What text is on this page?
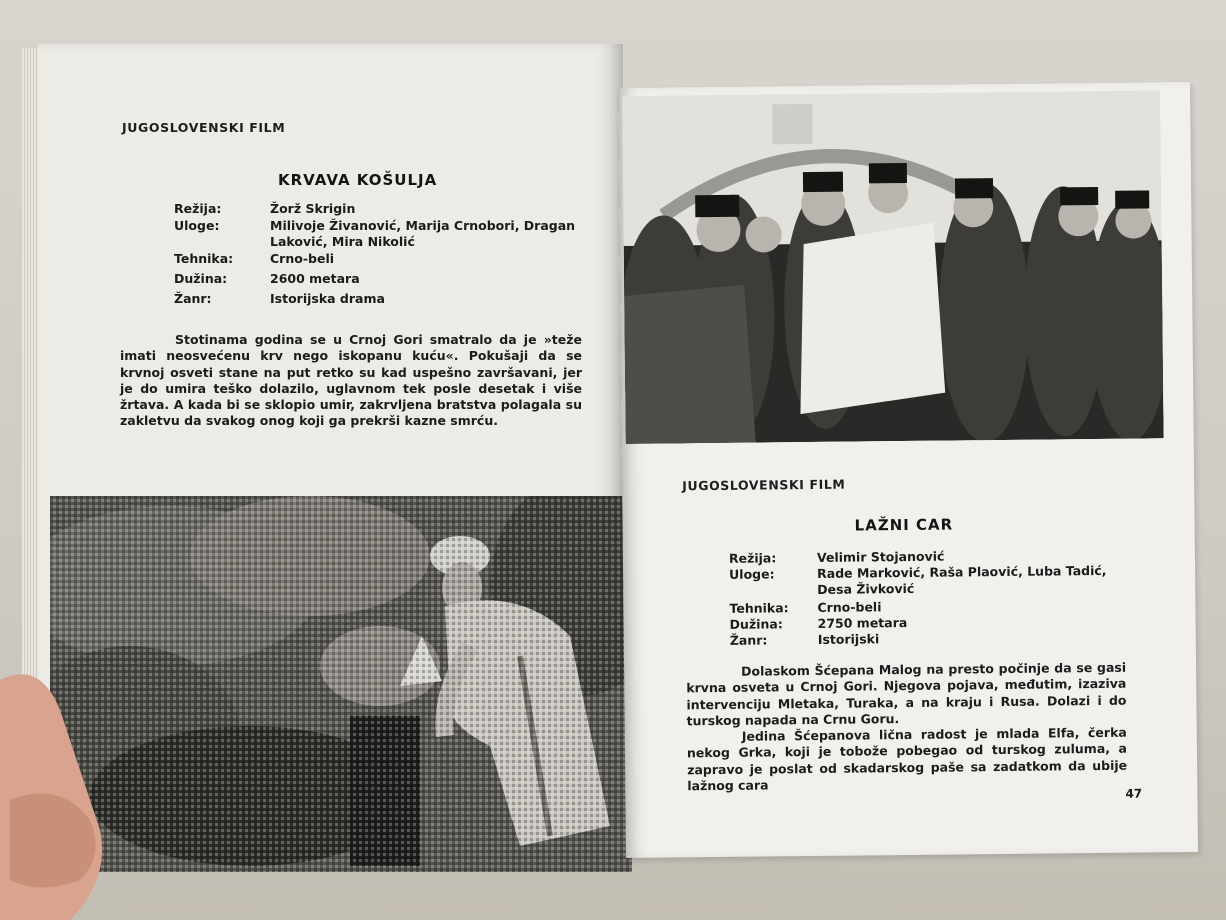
JUGOSLOVENSKI FILM
KRVAVA KOŠULJA
Režija:	Žorž Skrigin
Uloge:	Milivoje Živanović, Marija Crnobori, Dragan Laković, Mira Nikolić
Tehnika:	Crno-beli
Dužina:	2600 metara
Žanr:	Istorijska drama

Stotinama godina se u Crnoj Gori smatralo da je »teže imati neosvećenu krv nego iskopanu kuću«. Pokušaji da se krvnoj osveti stane na put retko su kad uspešno završavani, jer je do umira teško dolazilo, uglavnom tek posle desetak i više žrtava. A kada bi se sklopio umir, zakrvljena bratstva polagala su zakletvu da svakog onog koji ga prekrši kazne smrću.

JUGOSLOVENSKI FILM
LAŽNI CAR
Režija:	Velimir Stojanović
Uloge:	Rade Marković, Raša Plaović, Luba Tadić, Desa Živković
Tehnika:	Crno-beli
Dužina:	2750 metara
Žanr:	Istorijski

Dolaskom Šćepana Malog na presto počinje da se gasi krvna osveta u Crnoj Gori. Njegova pojava, međutim, izaziva intervenciju Mletaka, Turaka, a na kraju i Rusa. Dolazi i do turskog napada na Crnu Goru.

Jedina Šćepanova lična radost je mlada Elfa, čerka nekog Grka, koji je tobože pobegao od turskog zuluma, a zapravo je poslat od skadarskog paše sa zadatkom da ubije lažnog cara

47
